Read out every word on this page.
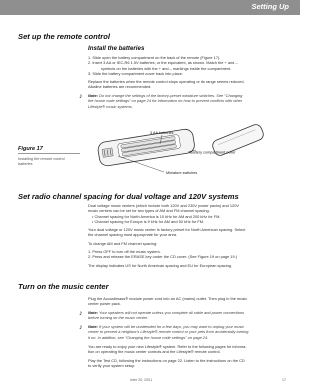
Setting Up
Set up the remote control
Install the batteries

1. Slide open the battery compartment on the back of the remote (Figure 17).

2. Insert 3 AA or IEC-R6 1.5V batteries, or the equivalent, as shown. Match the + and –

symbols on the batteries with the + and – markings inside the compartment.

3. Slide the battery compartment cover back into place.

Replace the batteries when the remote control stops operating or its range seems reduced.

Alkaline batteries are recommended.

♪	Note: Do not change the settings of the factory-preset miniature switches. See "Changing

the house code settings" on page 24 for information on how to prevent conflicts with other

Lifestyle® music systems.

Figure 17
Installing the remote control
batteries
3 AA batteries
Battery compartment cover
Miniature switches
Set radio channel spacing for dual voltage and 120V systems

Dual voltage music centers (which include both 120V and 230V power packs) and 120V

music centers can be set for two types of AM and FM channel spacing.

• Channel spacing for North America is 10 kHz for AM and 200 kHz for FM.

• Channel spacing for Europe is 9 kHz for AM and 50 kHz for FM.

Your dual voltage or 120V music center is factory preset for North American spacing. Select

the channel spacing most appropriate for your area.

To change AM and FM channel spacing:

1. Press OFF to turn off the music system.

2. Press and release the ERASE key under the CD cover. (See Figure 19 on page 19.)

The display indicates US for North American spacing and EU for European spacing.

Turn on the music center

Plug the Acoustimass® module power cord into an AC (mains) outlet. Then plug in the music

center power pack.

♪	Note: Your speakers will not operate unless you complete all cable and power connections

before turning on the music center.

♪	Note: If your system will be unattended for a few days, you may want to unplug your music

center to prevent a neighbor's Lifestyle® remote control or your pets from accidentally turning

it on. In addition, see "Changing the house code settings" on page 24.

You are ready to enjoy your new Lifestyle® system. Refer to the following pages for informa-

tion on operating the music center controls and the Lifestyle® remote control.

Play the Test CD, following the instructions on page 22. Listen to the instructions on the CD

to verify your system setup.

Inter 20, 2001	17
